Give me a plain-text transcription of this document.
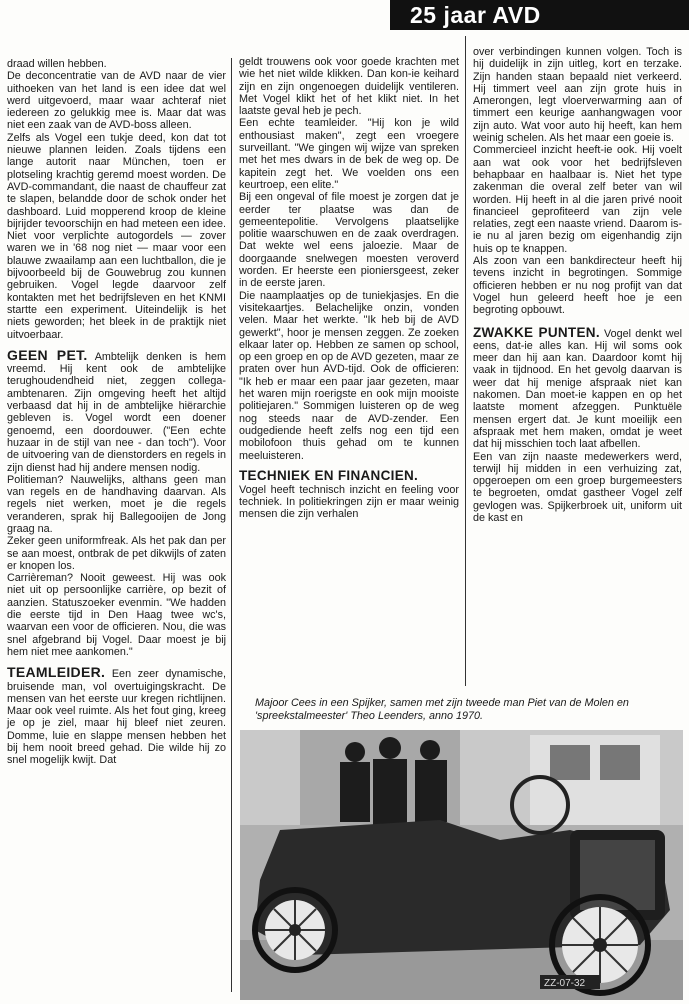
25 jaar AVD

draad willen hebben.

De deconcentratie van de AVD naar de vier uithoeken van het land is een idee dat wel werd uitgevoerd, maar waar achteraf niet iedereen zo gelukkig mee is. Maar dat was niet een zaak van de AVD-boss alleen.

Zelfs als Vogel een tukje deed, kon dat tot nieuwe plannen leiden. Zoals tijdens een lange autorit naar München, toen er plotseling krachtig geremd moest worden. De AVD-commandant, die naast de chauffeur zat te slapen, belandde door de schok onder het dashboard. Luid mopperend kroop de kleine bijrijder tevoorschijn en had meteen een idee. Niet voor verplichte autogordels — zover waren we in '68 nog niet — maar voor een blauwe zwaailamp aan een luchtballon, die je bijvoorbeeld bij de Gouwebrug zou kunnen gebruiken. Vogel legde daarvoor zelf kontakten met het bedrijfsleven en het KNMI startte een experiment. Uiteindelijk is het niets geworden; het bleek in de praktijk niet uitvoerbaar.

GEEN PET. Ambtelijk denken is hem vreemd. Hij kent ook de ambtelijke terughoudendheid niet, zeggen collega-ambtenaren. Zijn omgeving heeft het altijd verbaasd dat hij in de ambtelijke hiërarchie gebleven is. Vogel wordt een doener genoemd, een doordouwer. ("Een echte huzaar in de stijl van nee - dan toch"). Voor de uitvoering van de dienstorders en regels in zijn dienst had hij andere mensen nodig.

Politieman? Nauwelijks, althans geen man van regels en de handhaving daarvan. Als regels niet werken, moet je die regels veranderen, sprak hij Ballegooijen de Jong graag na.

Zeker geen uniformfreak. Als het pak dan per se aan moest, ontbrak de pet dikwijls of zaten er knopen los.

Carrièreman? Nooit geweest. Hij was ook niet uit op persoonlijke carrière, op bezit of aanzien. Statuszoeker evenmin. "We hadden die eerste tijd in Den Haag twee wc's, waarvan een voor de officieren. Nou, die was snel afgebrand bij Vogel. Daar moest je bij hem niet mee aankomen."

TEAMLEIDER. Een zeer dynamische, bruisende man, vol overtuigingskracht. De mensen van het eerste uur kregen richtlijnen. Maar ook veel ruimte. Als het fout ging, kreeg je op je ziel, maar hij bleef niet zeuren. Domme, luie en slappe mensen hebben het bij hem nooit breed gehad. Die wilde hij zo snel mogelijk kwijt. Dat

geldt trouwens ook voor goede krachten met wie het niet wilde klikken. Dan kon-ie keihard zijn en zijn ongenoegen duidelijk ventileren. Met Vogel klikt het of het klikt niet. In het laatste geval heb je pech.

Een echte teamleider. "Hij kon je wild enthousiast maken", zegt een vroegere surveillant. "We gingen wij wijze van spreken met het mes dwars in de bek de weg op. De kapitein zegt het. We voelden ons een keurtroep, een elite."

Bij een ongeval of file moest je zorgen dat je eerder ter plaatse was dan de gemeentepolitie. Vervolgens plaatselijke politie waarschuwen en de zaak overdragen. Dat wekte wel eens jaloezie. Maar de doorgaande snelwegen moesten veroverd worden. Er heerste een pioniersgeest, zeker in de eerste jaren.

Die naamplaatjes op de tuniekjasjes. En die visitekaartjes. Belachelijke onzin, vonden velen. Maar het werkte. "Ik heb bij de AVD gewerkt", hoor je mensen zeggen. Ze zoeken elkaar later op. Hebben ze samen op school, op een groep en op de AVD gezeten, maar ze praten over hun AVD-tijd. Ook de officieren: "Ik heb er maar een paar jaar gezeten, maar het waren mijn roerigste en ook mijn mooiste politiejaren." Sommigen luisteren op de weg nog steeds naar de AVD-zender. Een oudgediende heeft zelfs nog een tijd een mobilofoon thuis gehad om te kunnen meeluisteren.

TECHNIEK EN FINANCIEN.

Vogel heeft technisch inzicht en feeling voor techniek. In politiekringen zijn er maar weinig mensen die zijn verhalen

over verbindingen kunnen volgen. Toch is hij duidelijk in zijn uitleg, kort en terzake. Zijn handen staan bepaald niet verkeerd. Hij timmert veel aan zijn grote huis in Amerongen, legt vloerverwarming aan of timmert een keurige aanhangwagen voor zijn auto. Wat voor auto hij heeft, kan hem weinig schelen. Als het maar een goeie is.

Commercieel inzicht heeft-ie ook. Hij voelt aan wat ook voor het bedrijfsleven behapbaar en haalbaar is. Niet het type zakenman die overal zelf beter van wil worden. Hij heeft in al die jaren privé nooit financieel geprofiteerd van zijn vele relaties, zegt een naaste vriend. Daarom is-ie nu al jaren bezig om eigenhandig zijn huis op te knappen.

Als zoon van een bankdirecteur heeft hij tevens inzicht in begrotingen. Sommige officieren hebben er nu nog profijt van dat Vogel hun geleerd heeft hoe je een begroting opbouwt.

ZWAKKE PUNTEN. Vogel denkt wel eens, dat-ie alles kan. Hij wil soms ook meer dan hij aan kan. Daardoor komt hij vaak in tijdnood. En het gevolg daarvan is weer dat hij menige afspraak niet kan nakomen. Dan moet-ie kappen en op het laatste moment afzeggen. Punktuële mensen ergert dat. Je kunt moeilijk een afspraak met hem maken, omdat je weet dat hij misschien toch laat afbellen.

Een van zijn naaste medewerkers werd, terwijl hij midden in een verhuizing zat, opgeroepen om een groep burgemeesters te begroeten, omdat gastheer Vogel zelf gevlogen was. Spijkerbroek uit, uniform uit de kast en

Majoor Cees in een Spijker, samen met zijn tweede man Piet van de Molen en 'spreekstalmeester' Theo Leenders, anno 1970.
ZZ-07-32
